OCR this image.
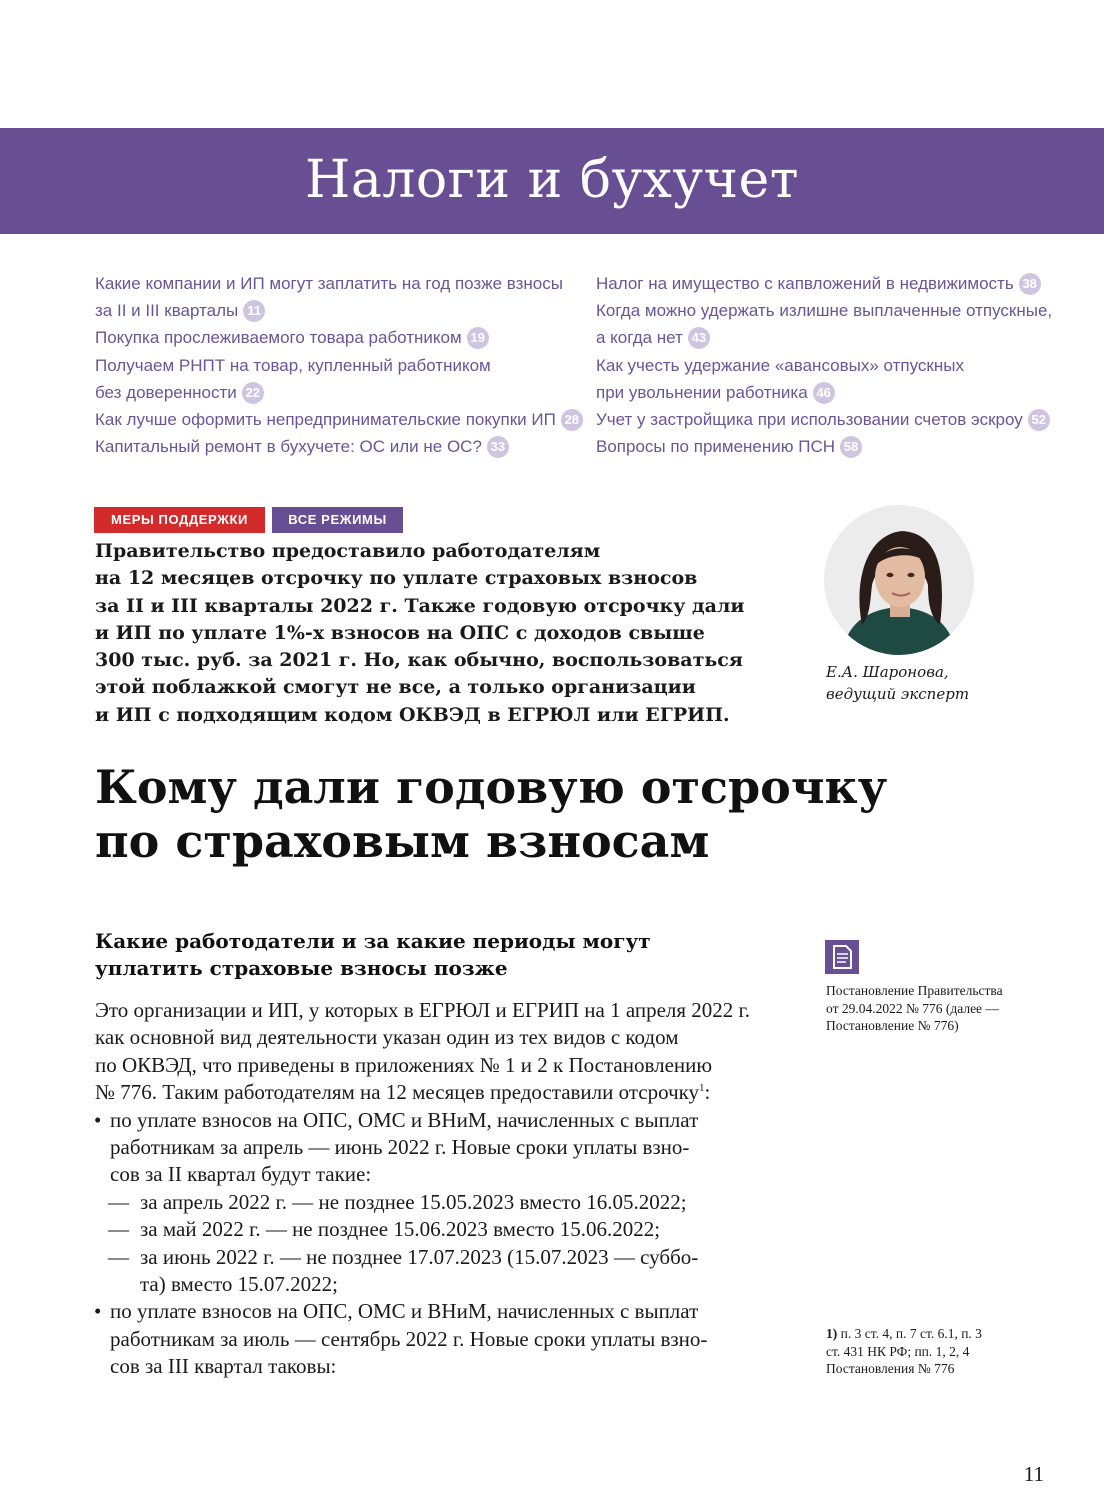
Налоги и бухучет
Какие компании и ИП могут заплатить на год позже взносы
за II и III кварталы 11
Покупка прослеживаемого товара работником 19
Получаем РНПТ на товар, купленный работником
без доверенности 22
Как лучше оформить непредпринимательские покупки ИП 28
Капитальный ремонт в бухучете: ОС или не ОС? 33
Налог на имущество с капвложений в недвижимость 38
Когда можно удержать излишне выплаченные отпускные,
а когда нет 43
Как учесть удержание «авансовых» отпускных
при увольнении работника 46
Учет у застройщика при использовании счетов эскроу 52
Вопросы по применению ПСН 58
МЕРЫ ПОДДЕРЖКИ	ВСЕ РЕЖИМЫ
Правительство предоставило работодателям
на 12 месяцев отсрочку по уплате страховых взносов
за II и III кварталы 2022 г. Также годовую отсрочку дали
и ИП по уплате 1%-х взносов на ОПС с доходов свыше
300 тыс. руб. за 2021 г. Но, как обычно, воспользоваться
этой поблажкой смогут не все, а только организации
и ИП с подходящим кодом ОКВЭД в ЕГРЮЛ или ЕГРИП.
Е.А. Шаронова,
ведущий эксперт
Кому дали годовую отсрочку
по страховым взносам
Какие работодатели и за какие периоды могут
уплатить страховые взносы позже
Это организации и ИП, у которых в ЕГРЮЛ и ЕГРИП на 1 апреля 2022 г.
как основной вид деятельности указан один из тех видов с кодом
по ОКВЭД, что приведены в приложениях № 1 и 2 к Постановлению
№ 776. Таким работодателям на 12 месяцев предоставили отсрочку$^1$:
• по уплате взносов на ОПС, ОМС и ВНиМ, начисленных с выплат
работникам за апрель — июнь 2022 г. Новые сроки уплаты взно-
сов за II квартал будут такие:
— за апрель 2022 г. — не позднее 15.05.2023 вместо 16.05.2022;
— за май 2022 г. — не позднее 15.06.2023 вместо 15.06.2022;
— за июнь 2022 г. — не позднее 17.07.2023 (15.07.2023 — суббо-
та) вместо 15.07.2022;
• по уплате взносов на ОПС, ОМС и ВНиМ, начисленных с выплат
работникам за июль — сентябрь 2022 г. Новые сроки уплаты взно-
сов за III квартал таковы:
Постановление Правительства
от 29.04.2022 № 776 (далее —
Постановление № 776)
1) п. 3 ст. 4, п. 7 ст. 6.1, п. 3
ст. 431 НК РФ; пп. 1, 2, 4
Постановления № 776
11
